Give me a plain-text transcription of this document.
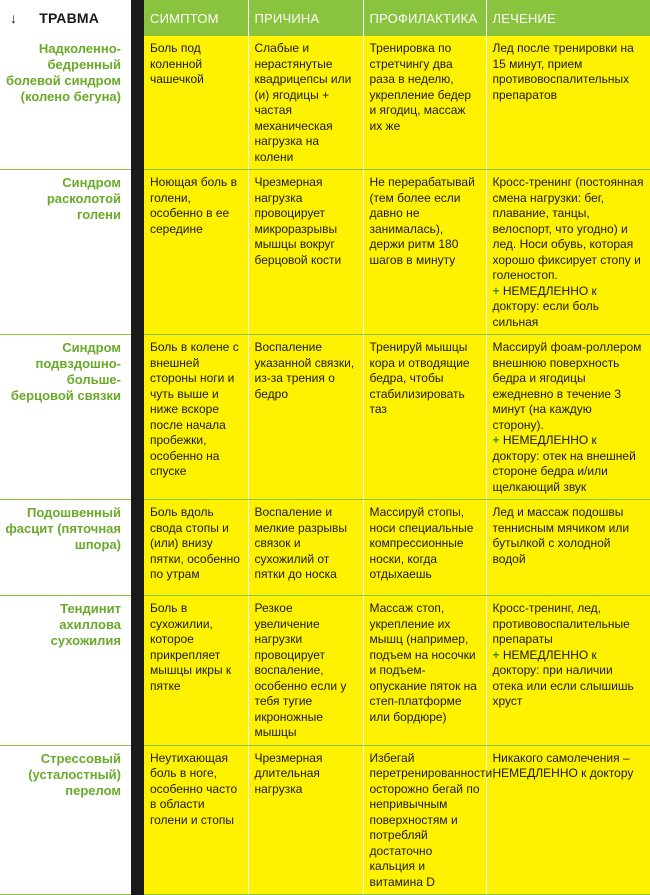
↓ ТРАВМА		СИМПТОМ	ПРИЧИНА	ПРОФИЛАКТИКА	ЛЕЧЕНИЕ
Надколенно-бедренный болевой синдром (колено бегуна)		Боль под коленной чашечкой	Слабые и нерастянутые квадрицепсы или (и) ягодицы + частая механическая нагрузка на колени	Тренировка по стретчингу два раза в неделю, укрепление бедер и ягодиц, массаж их же	Лед после тренировки на 15 минут, прием противовоспалительных препаратов
Синдром расколотой голени		Ноющая боль в голени, особенно в ее середине	Чрезмерная нагрузка провоцирует микроразрывы мышцы вокруг берцовой кости	Не перерабатывай (тем более если давно не занималась), держи ритм 180 шагов в минуту	Кросс-тренинг (постоянная смена нагрузки: бег, плавание, танцы, велоспорт, что угодно) и лед. Носи обувь, которая хорошо фиксирует стопу и голеностоп.
+ НЕМЕДЛЕННО к доктору: если боль сильная
Синдром подвздошно-больше-берцовой связки		Боль в колене с внешней стороны ноги и чуть выше и ниже вскоре после начала пробежки, особенно на спуске	Воспаление указанной связки, из-за трения о бедро	Тренируй мышцы кора и отводящие бедра, чтобы стабилизировать таз	Массируй фоам-роллером внешнюю поверхность бедра и ягодицы ежедневно в течение 3 минут (на каждую сторону).
+ НЕМЕДЛЕННО к доктору: отек на внешней стороне бедра и/или щелкающий звук
Подошвенный фасцит (пяточная шпора)		Боль вдоль свода стопы и (или) внизу пятки, особенно по утрам	Воспаление и мелкие разрывы связок и сухожилий от пятки до носка	Массируй стопы, носи специальные компрессионные носки, когда отдыхаешь	Лед и массаж подошвы теннисным мячиком или бутылкой с холодной водой
Тендинит ахиллова сухожилия		Боль в сухожилии, которое прикрепляет мышцы икры к пятке	Резкое увеличение нагрузки провоцирует воспаление, особенно если у тебя тугие икроножные мышцы	Массаж стоп, укрепление их мышц (например, подъем на носочки и подъем-опускание пяток на степ-платформе или бордюре)	Кросс-тренинг, лед, противовоспалительные препараты
+ НЕМЕДЛЕННО к доктору: при наличии отека или если слышишь хруст
Стрессовый (усталостный) перелом		Неутихающая боль в ноге, особенно часто в области голени и стопы	Чрезмерная длительная нагрузка	Избегай перетренированности, осторожно бегай по непривычным поверхностям и потребляй достаточно кальция и витамина D	Никакого самолечения – НЕМЕДЛЕННО к доктору
